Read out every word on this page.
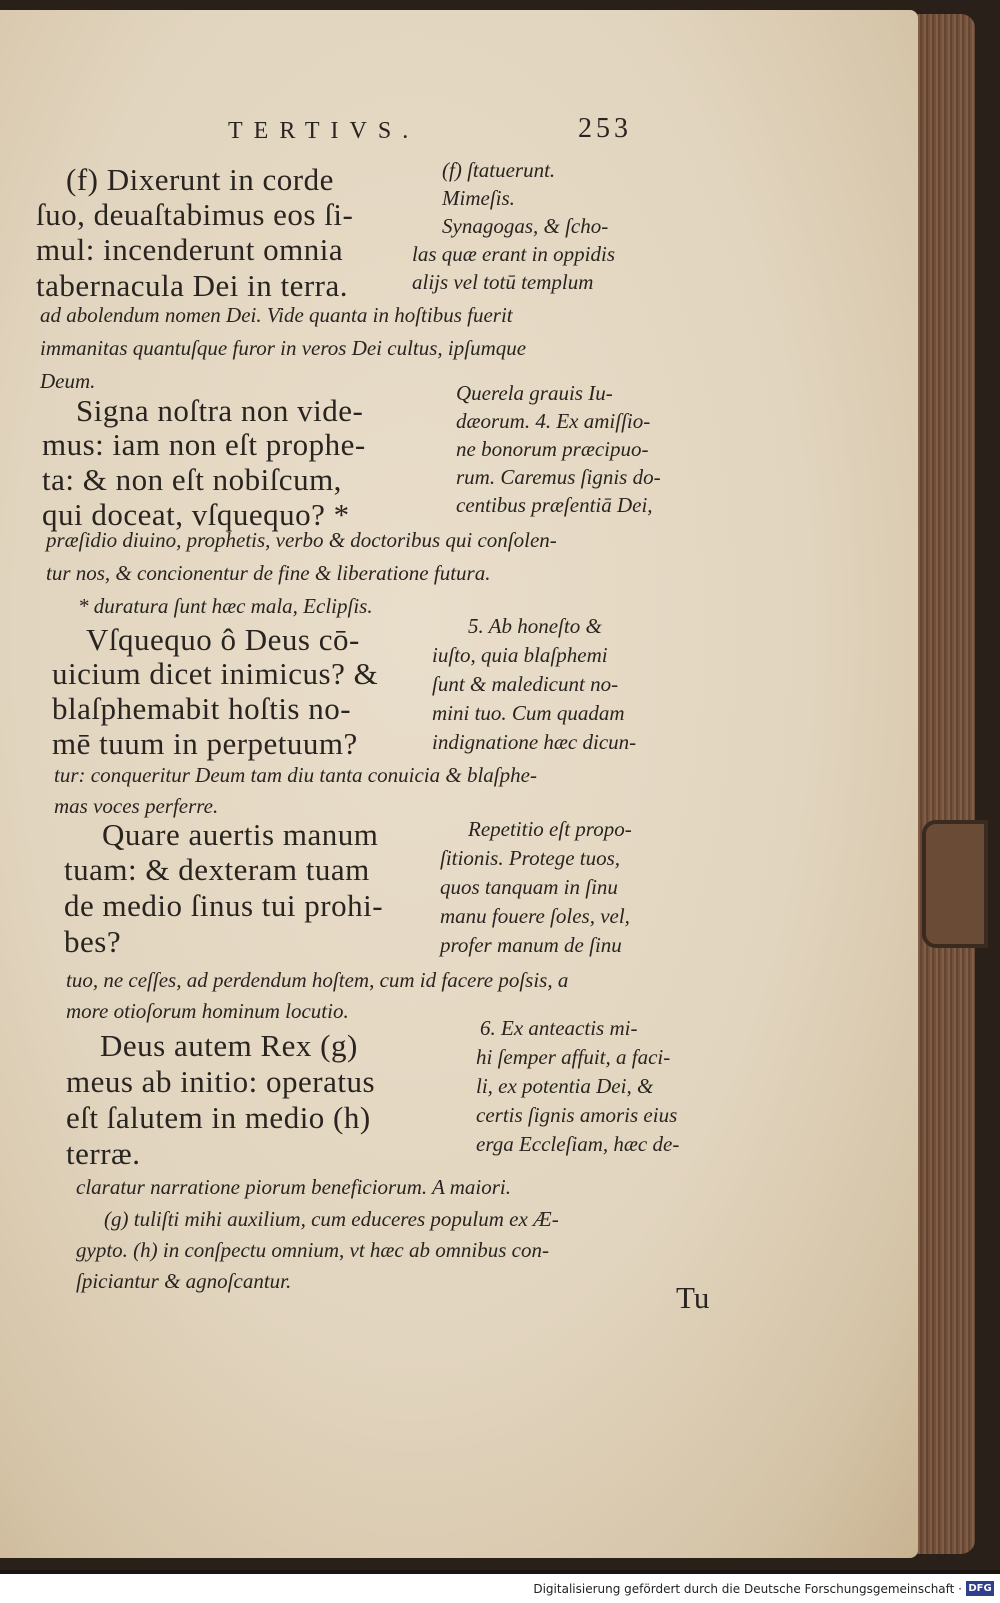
TERTIVS.	253
(f) Dixerunt in corde
ſuo, deuaſtabimus eos ſi-
mul: incenderunt omnia
tabernacula Dei in terra.
(f) ſtatuerunt.
Mimeſis.
Synagogas, & ſcho-
las quæ erant in oppidis
alijs vel totū templum
ad abolendum nomen Dei. Vide quanta in hoſtibus fuerit
immanitas quantuſque furor in veros Dei cultus, ipſumque
Deum.
Signa noſtra non vide-
mus: iam non eſt prophe-
ta: & non eſt nobiſcum,
qui doceat, vſquequo? *
Querela grauis Iu-
dæorum. 4. Ex amiſſio-
ne bonorum præcipuo-
rum. Caremus ſignis do-
centibus præſentiā Dei,
præſidio diuino, prophetis, verbo & doctoribus qui conſolen-
tur nos, & concionentur de fine & liberatione futura.
* duratura ſunt hæc mala, Eclipſis.
Vſquequo ô Deus cō-
uicium dicet inimicus? &
blaſphemabit hoſtis no-
mē tuum in perpetuum?
5. Ab honeſto &
iuſto, quia blaſphemi
ſunt & maledicunt no-
mini tuo. Cum quadam
indignatione hæc dicun-
tur: conqueritur Deum tam diu tanta conuicia & blaſphe-
mas voces perferre.
Quare auertis manum
tuam: & dexteram tuam
de medio ſinus tui prohi-
bes?
Repetitio eſt propo-
ſitionis. Protege tuos,
quos tanquam in ſinu
manu fouere ſoles, vel,
profer manum de ſinu
tuo, ne ceſſes, ad perdendum hoſtem, cum id facere poſsis, a
more otioſorum hominum locutio.
Deus autem Rex (g)
meus ab initio: operatus
eſt ſalutem in medio (h)
terræ.
6. Ex anteactis mi-
hi ſemper affuit, a faci-
li, ex potentia Dei, &
certis ſignis amoris eius
erga Eccleſiam, hæc de-
claratur narratione piorum beneficiorum. A maiori.
(g) tuliſti mihi auxilium, cum educeres populum ex Æ-
gypto. (h) in conſpectu omnium, vt hæc ab omnibus con-
ſpiciantur & agnoſcantur.	Tu
Digitalisierung gefördert durch die Deutsche Forschungsgemeinschaft · DFG
